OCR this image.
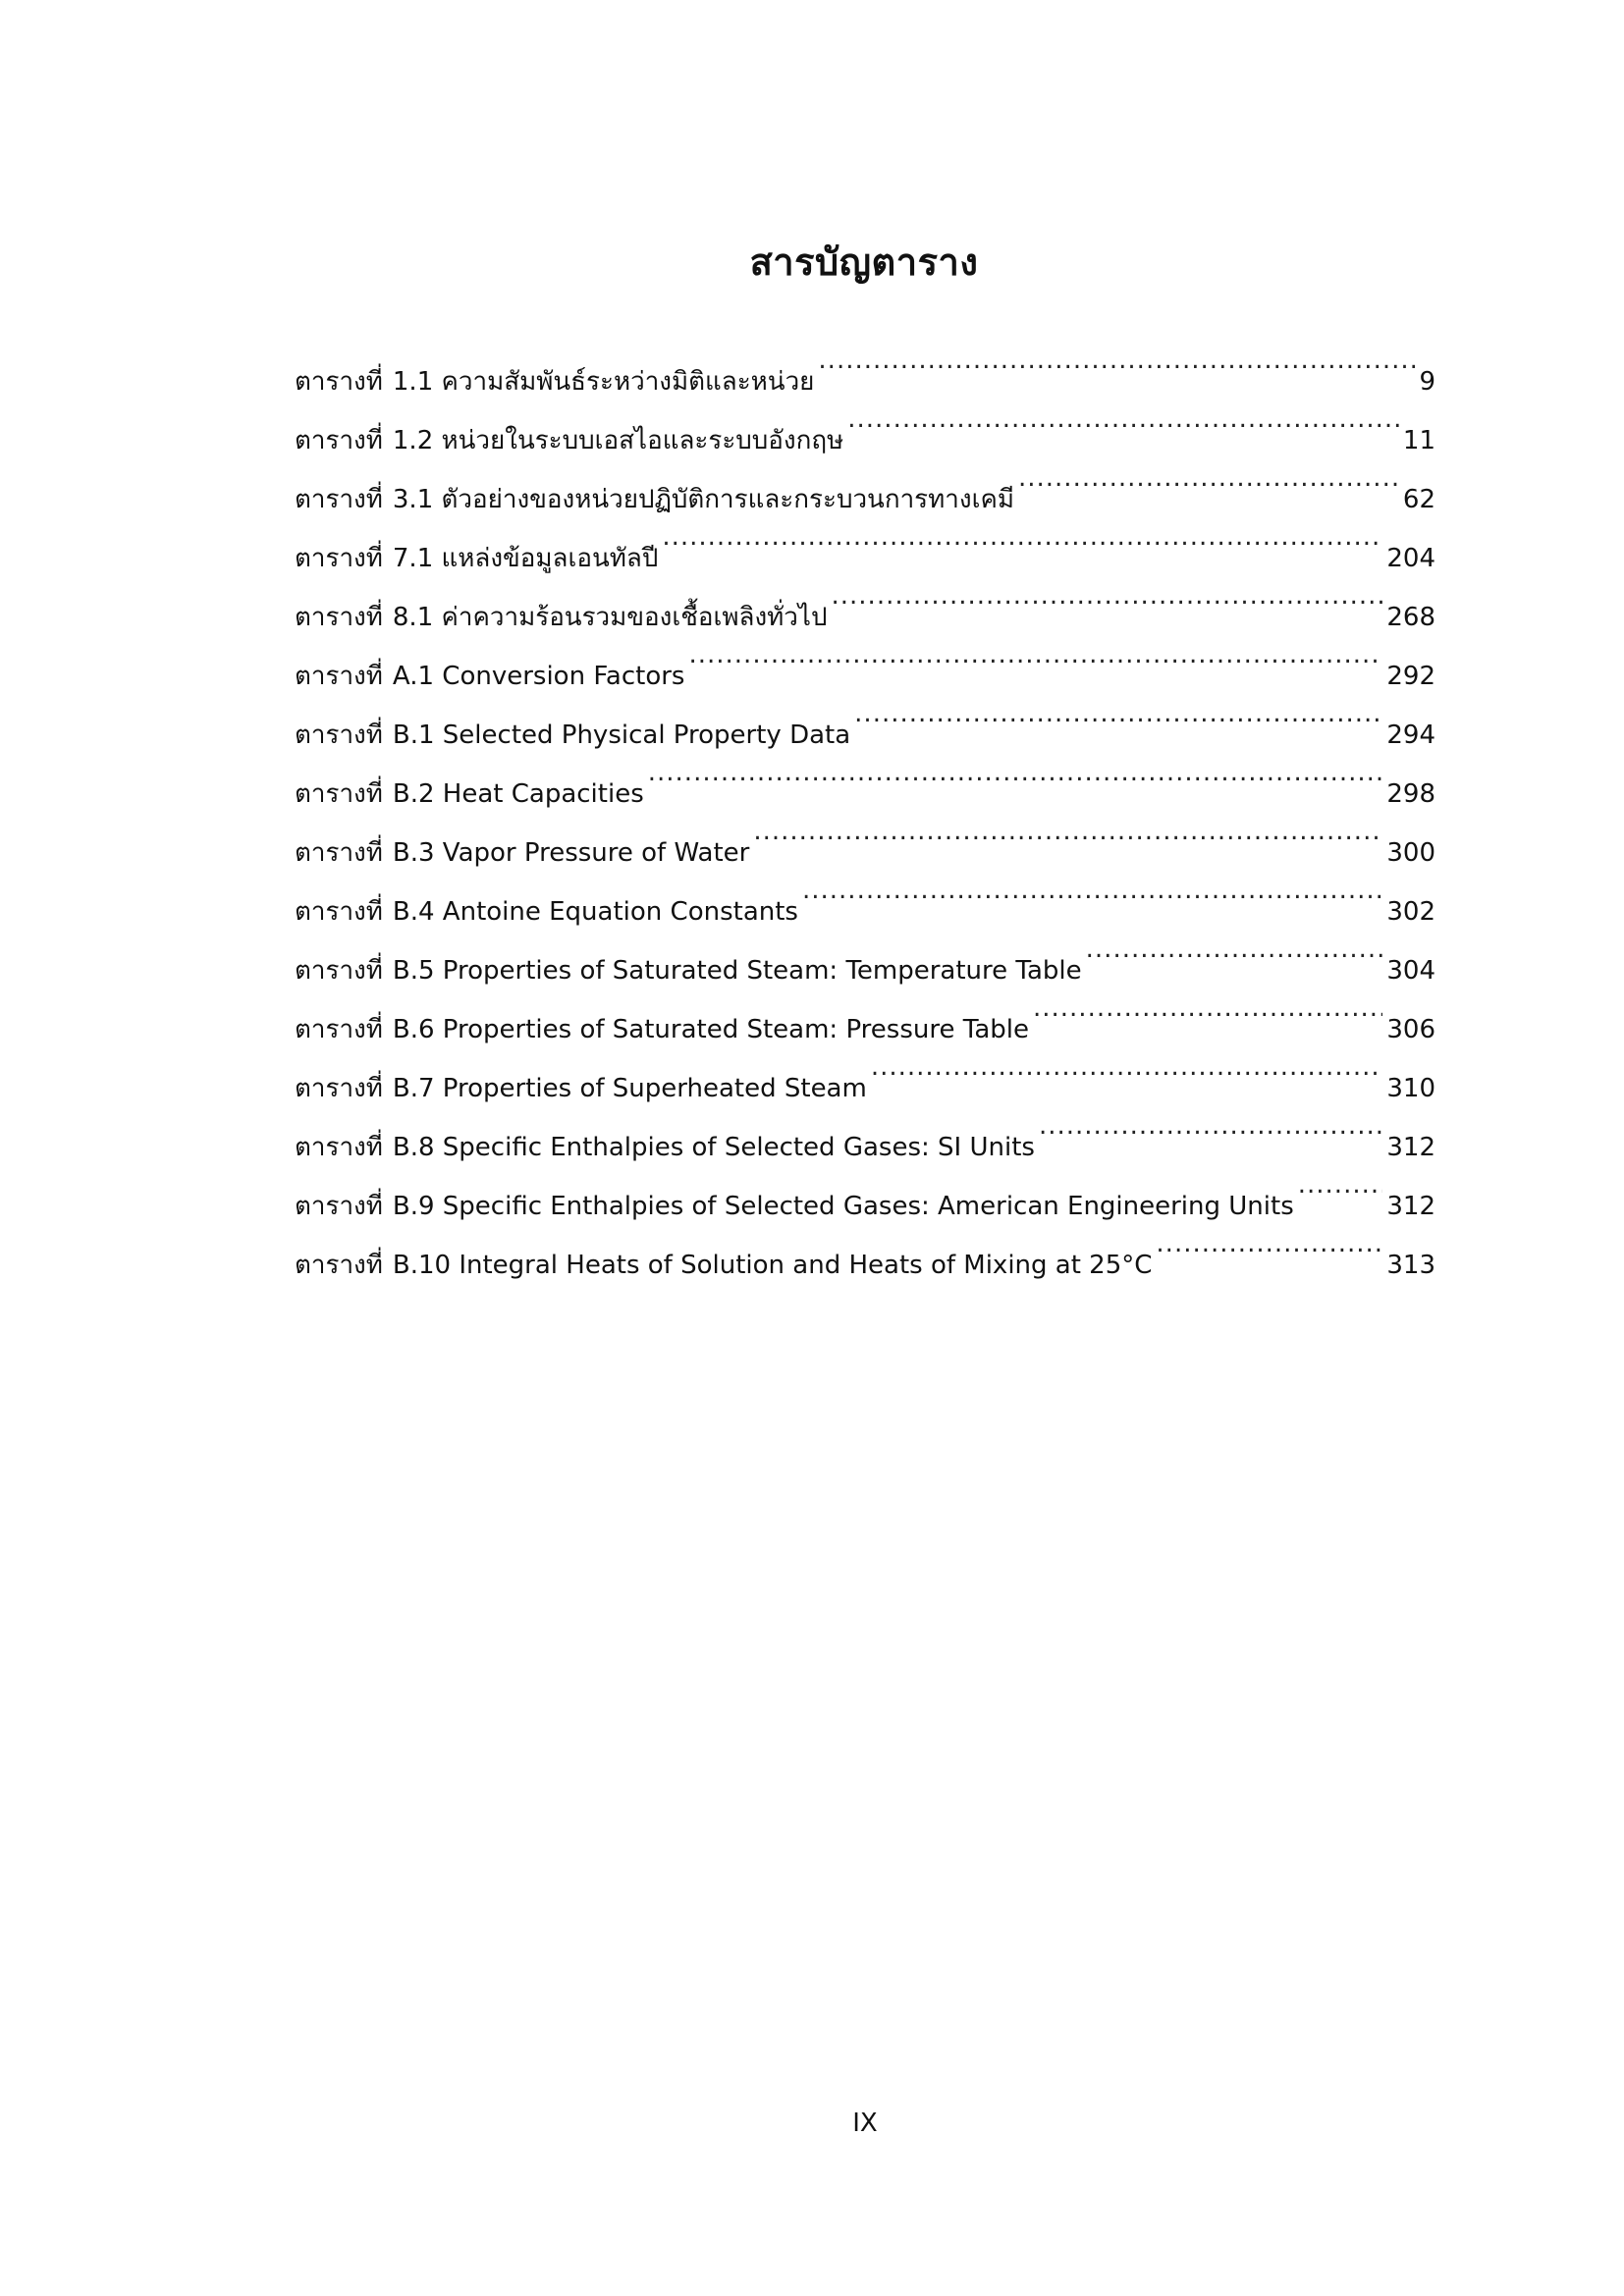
สารบัญตาราง
ตารางที่ 1.1 ความสัมพันธ์ระหว่างมิติและหน่วย .....	9
ตารางที่ 1.2 หน่วยในระบบเอสไอและระบบอังกฤษ .....	11
ตารางที่ 3.1 ตัวอย่างของหน่วยปฏิบัติการและกระบวนการทางเคมี .....	62
ตารางที่ 7.1 แหล่งข้อมูลเอนทัลปี .....	204
ตารางที่ 8.1 ค่าความร้อนรวมของเชื้อเพลิงทั่วไป .....	268
ตารางที่ A.1 Conversion Factors .....	292
ตารางที่ B.1 Selected Physical Property Data .....	294
ตารางที่ B.2 Heat Capacities .....	298
ตารางที่ B.3 Vapor Pressure of Water .....	300
ตารางที่ B.4 Antoine Equation Constants .....	302
ตารางที่ B.5 Properties of Saturated Steam: Temperature Table .....	304
ตารางที่ B.6 Properties of Saturated Steam: Pressure Table .....	306
ตารางที่ B.7 Properties of Superheated Steam .....	310
ตารางที่ B.8 Specific Enthalpies of Selected Gases: SI Units .....	312
ตารางที่ B.9 Specific Enthalpies of Selected Gases: American Engineering Units .....	312
ตารางที่ B.10 Integral Heats of Solution and Heats of Mixing at 25°C .....	313
IX
